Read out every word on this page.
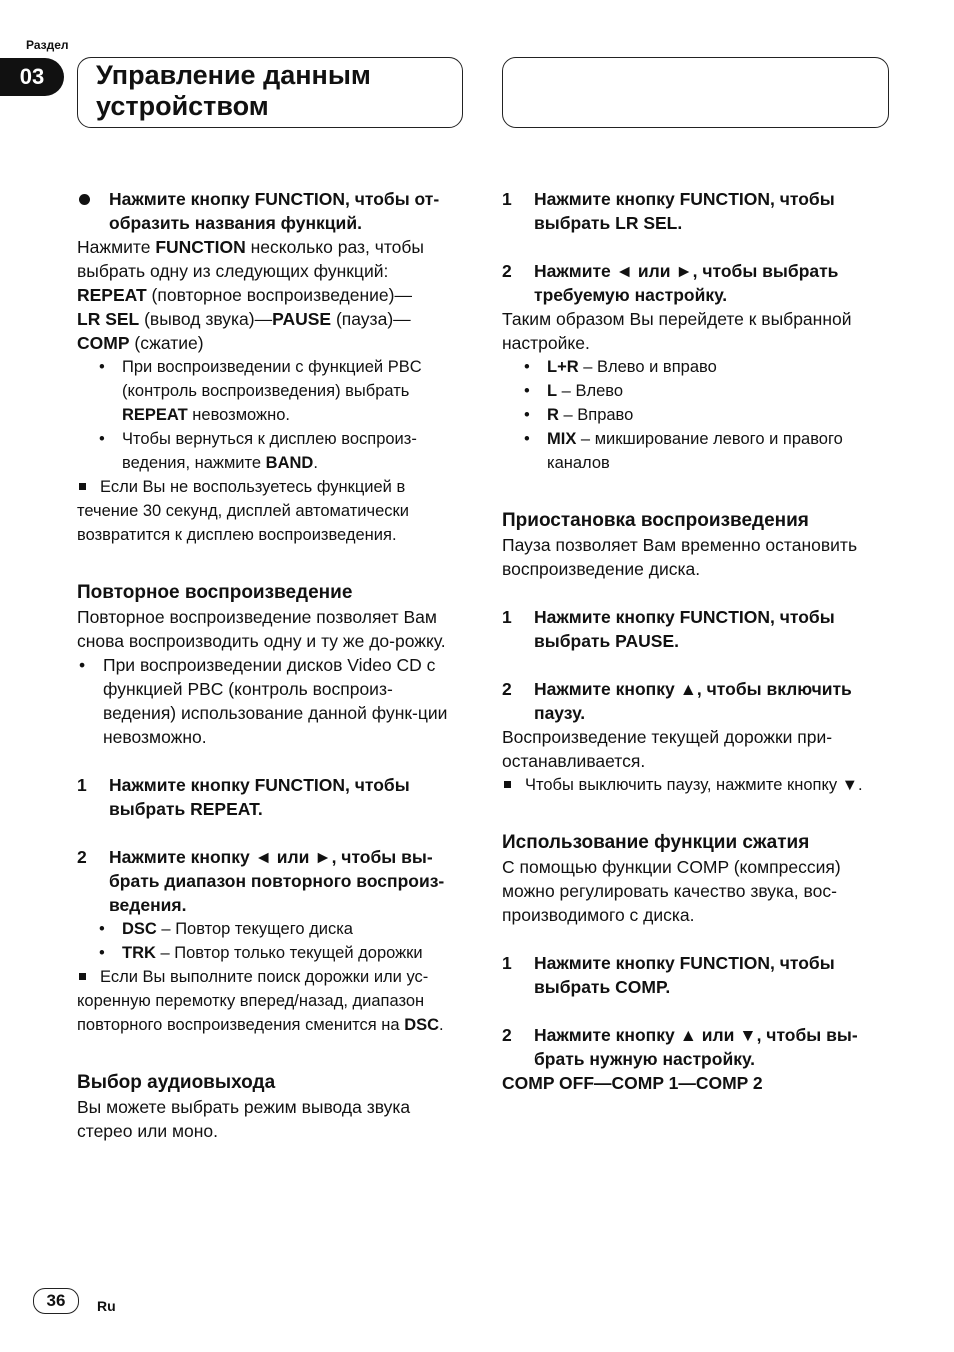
Раздел
03	Управление данным
устройством

Нажмите кнопку FUNCTION, чтобы от-образить названия функций.

Нажмите FUNCTION несколько раз, чтобы выбрать одну из следующих функций:

REPEAT (повторное воспроизведение)—
LR SEL (вывод звука)—PAUSE (пауза)—
COMP (сжатие)

• При воспроизведении с функцией PBC (контроль воспроизведения) выбрать REPEAT невозможно.
• Чтобы вернуться к дисплею воспроиз-ведения, нажмите BAND.

Если Вы не воспользуетесь функцией в течение 30 секунд, дисплей автоматически возвратится к дисплею воспроизведения.

Повторное воспроизведение

Повторное воспроизведение позволяет Вам снова воспроизводить одну и ту же до-рожку.

• При воспроизведении дисков Video CD с функцией PBC (контроль воспроиз-ведения) использование данной функ-ции невозможно.

1 Нажмите кнопку FUNCTION, чтобы выбрать REPEAT.

2 Нажмите кнопку ◄ или ►, чтобы вы-брать диапазон повторного воспроиз-ведения.

• DSC – Повтор текущего диска
• TRK – Повтор только текущей дорожки

Если Вы выполните поиск дорожки или ус-коренную перемотку вперед/назад, диапазон повторного воспроизведения сменится на DSC.

Выбор аудиовыхода

Вы можете выбрать режим вывода звука стерео или моно.

1 Нажмите кнопку FUNCTION, чтобы выбрать LR SEL.

2 Нажмите ◄ или ►, чтобы выбрать требуемую настройку.

Таким образом Вы перейдете к выбранной настройке.

• L+R – Влево и вправо
• L – Влево
• R – Вправо
• MIX – микширование левого и правого каналов
Приостановка воспроизведения

Пауза позволяет Вам временно остановить воспроизведение диска.

1 Нажмите кнопку FUNCTION, чтобы выбрать PAUSE.

2 Нажмите кнопку ▲, чтобы включить паузу.

Воспроизведение текущей дорожки при-останавливается.

Чтобы выключить паузу, нажмите кнопку ▼.

Использование функции сжатия

С помощью функции COMP (компрессия) можно регулировать качество звука, вос-производимого с диска.

1 Нажмите кнопку FUNCTION, чтобы выбрать COMP.

2 Нажмите кнопку ▲ или ▼, чтобы вы-брать нужную настройку.

COMP OFF—COMP 1—COMP 2

36	Ru
